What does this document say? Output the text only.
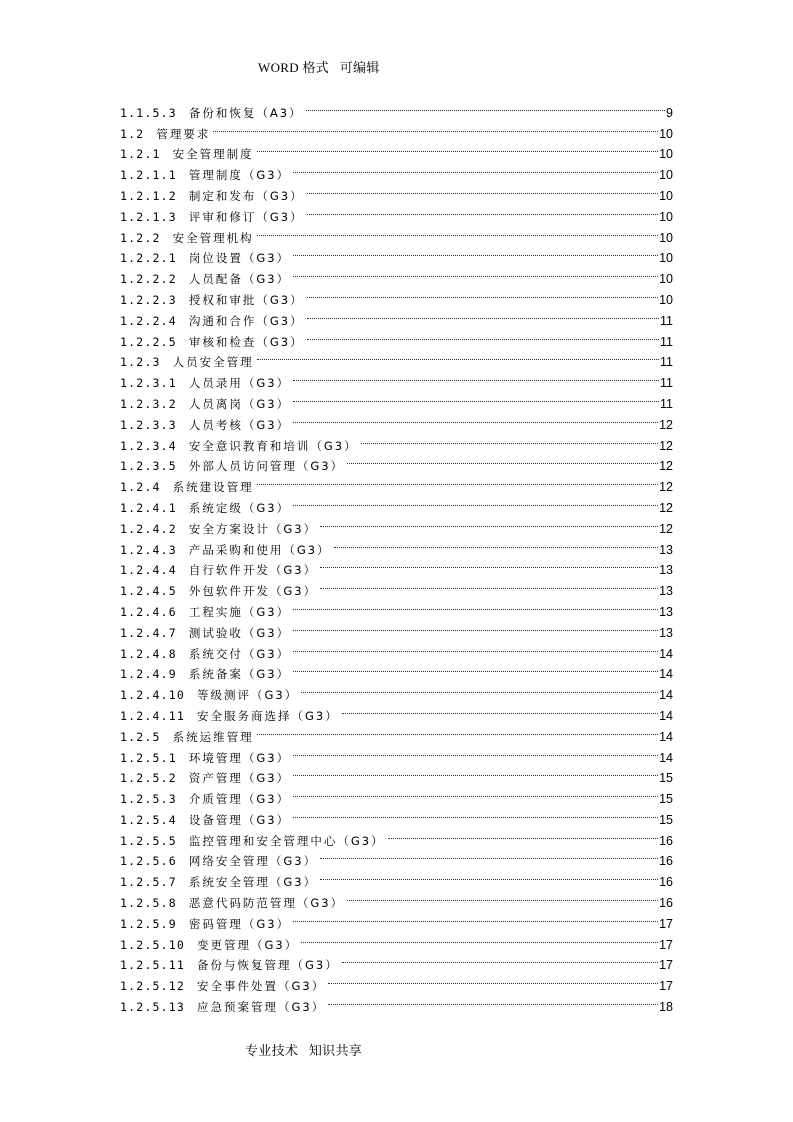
WORD 格式   可编辑
1.1.5.3 备份和恢复（A3）	9
1.2 管理要求	10
1.2.1 安全管理制度	10
1.2.1.1 管理制度（G3）	10
1.2.1.2 制定和发布（G3）	10
1.2.1.3 评审和修订（G3）	10
1.2.2 安全管理机构	10
1.2.2.1 岗位设置（G3）	10
1.2.2.2 人员配备（G3）	10
1.2.2.3 授权和审批（G3）	10
1.2.2.4 沟通和合作（G3）	11
1.2.2.5 审核和检查（G3）	11
1.2.3 人员安全管理	11
1.2.3.1 人员录用（G3）	11
1.2.3.2 人员离岗（G3）	11
1.2.3.3 人员考核（G3）	12
1.2.3.4 安全意识教育和培训（G3）	12
1.2.3.5 外部人员访问管理（G3）	12
1.2.4 系统建设管理	12
1.2.4.1 系统定级（G3）	12
1.2.4.2 安全方案设计（G3）	12
1.2.4.3 产品采购和使用（G3）	13
1.2.4.4 自行软件开发（G3）	13
1.2.4.5 外包软件开发（G3）	13
1.2.4.6 工程实施（G3）	13
1.2.4.7 测试验收（G3）	13
1.2.4.8 系统交付（G3）	14
1.2.4.9 系统备案（G3）	14
1.2.4.10 等级测评（G3）	14
1.2.4.11 安全服务商选择（G3）	14
1.2.5 系统运维管理	14
1.2.5.1 环境管理（G3）	14
1.2.5.2 资产管理（G3）	15
1.2.5.3 介质管理（G3）	15
1.2.5.4 设备管理（G3）	15
1.2.5.5 监控管理和安全管理中心（G3）	16
1.2.5.6 网络安全管理（G3）	16
1.2.5.7 系统安全管理（G3）	16
1.2.5.8 恶意代码防范管理（G3）	16
1.2.5.9 密码管理（G3）	17
1.2.5.10 变更管理（G3）	17
1.2.5.11 备份与恢复管理（G3）	17
1.2.5.12 安全事件处置（G3）	17
1.2.5.13 应急预案管理（G3）	18
专业技术   知识共享
